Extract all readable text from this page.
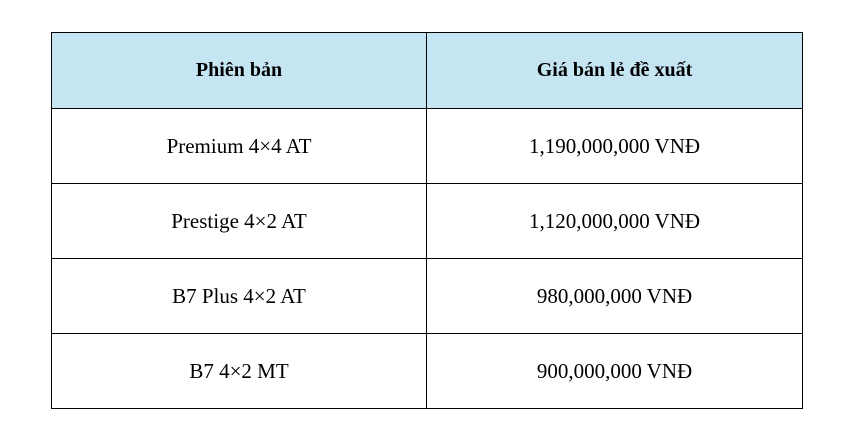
Phiên bản	Giá bán lẻ đề xuất
Premium 4×4 AT	1,190,000,000 VNĐ
Prestige 4×2 AT	1,120,000,000 VNĐ
B7 Plus 4×2 AT	980,000,000 VNĐ
B7 4×2 MT	900,000,000 VNĐ
